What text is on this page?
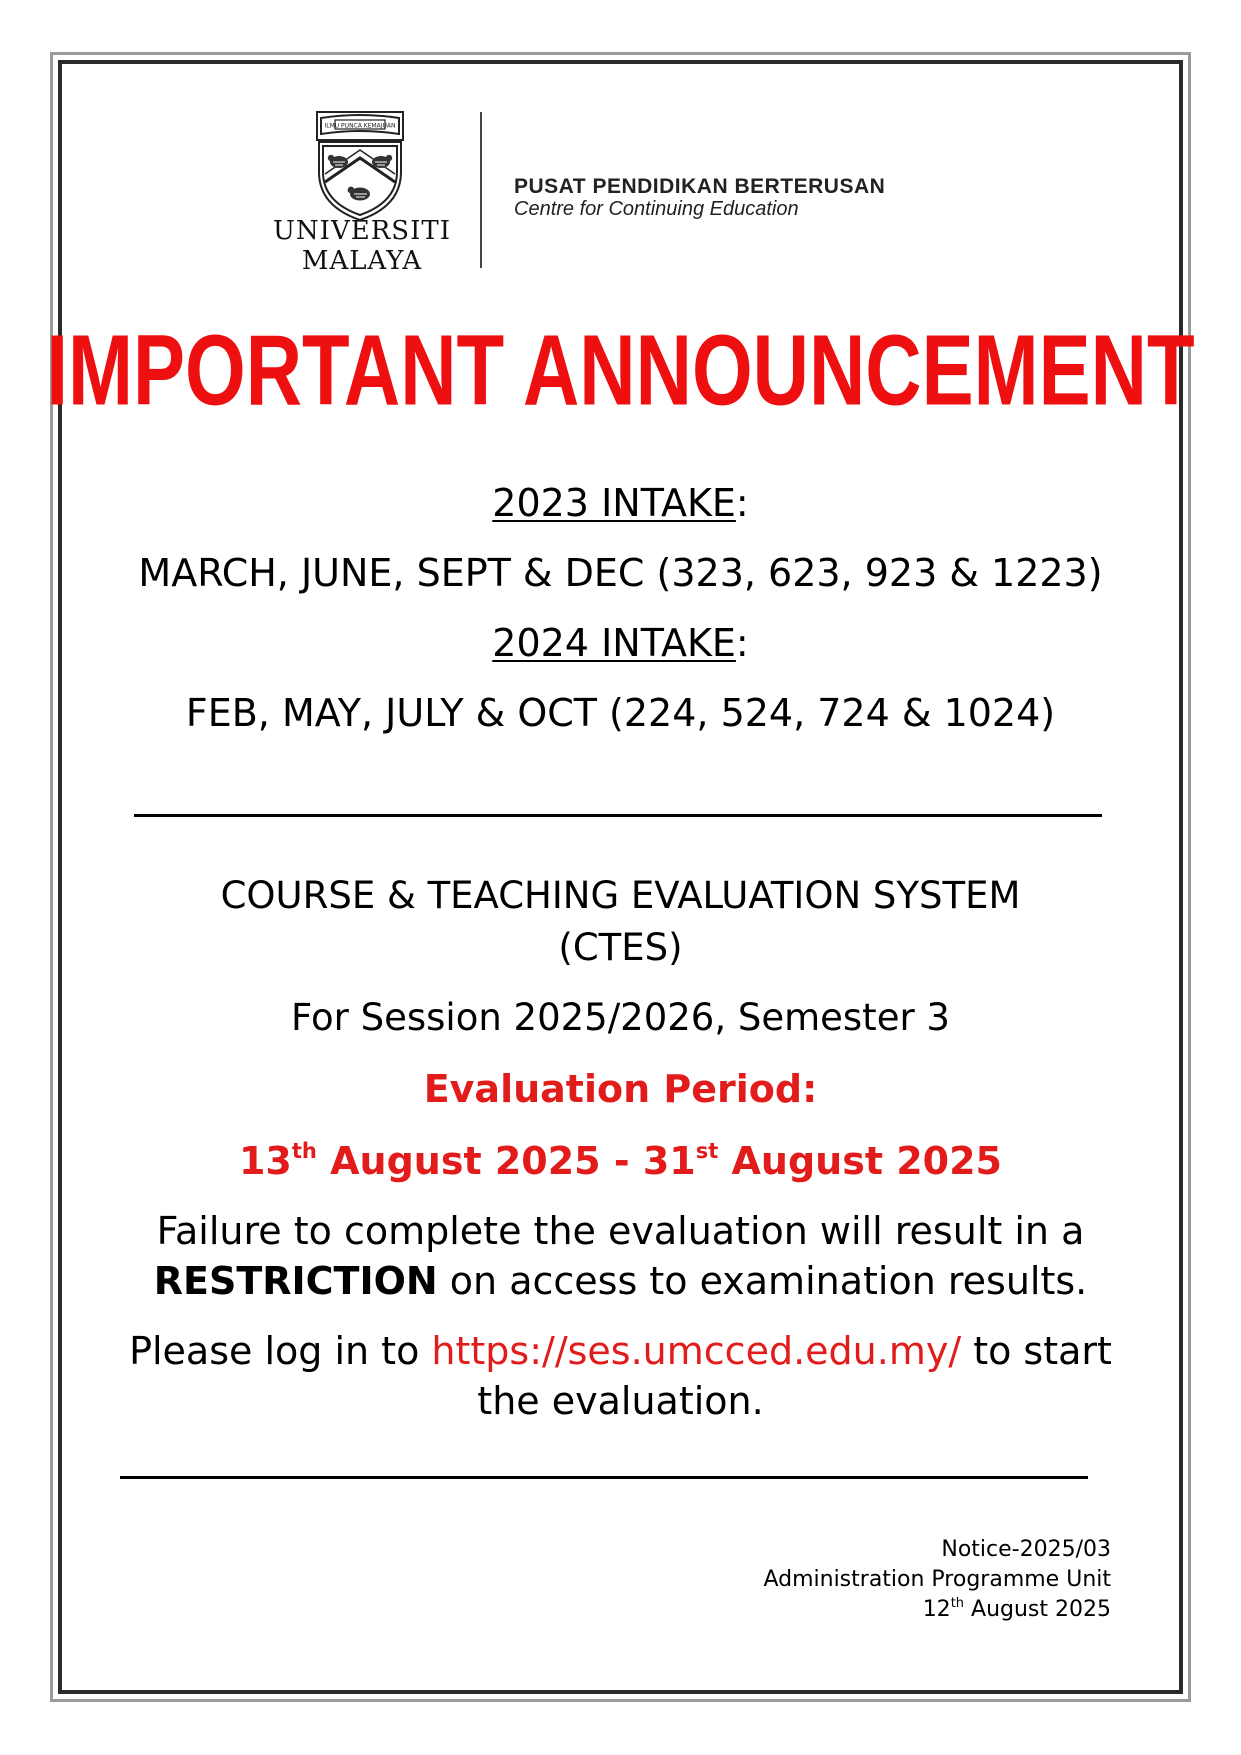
ILMU PUNCA KEMAJUAN
UNIVERSITI
MALAYA
PUSAT PENDIDIKAN BERTERUSAN
Centre for Continuing Education
IMPORTANT ANNOUNCEMENT
2023 INTAKE:
MARCH, JUNE, SEPT & DEC (323, 623, 923 & 1223)
2024 INTAKE:
FEB, MAY, JULY & OCT (224, 524, 724 & 1024)
COURSE & TEACHING EVALUATION SYSTEM
(CTES)
For Session 2025/2026, Semester 3
Evaluation Period:
13th August 2025 - 31st August 2025
Failure to complete the evaluation will result in a
RESTRICTION on access to examination results.
Please log in to https://ses.umcced.edu.my/ to start
the evaluation.
Notice-2025/03
Administration Programme Unit
12th August 2025
